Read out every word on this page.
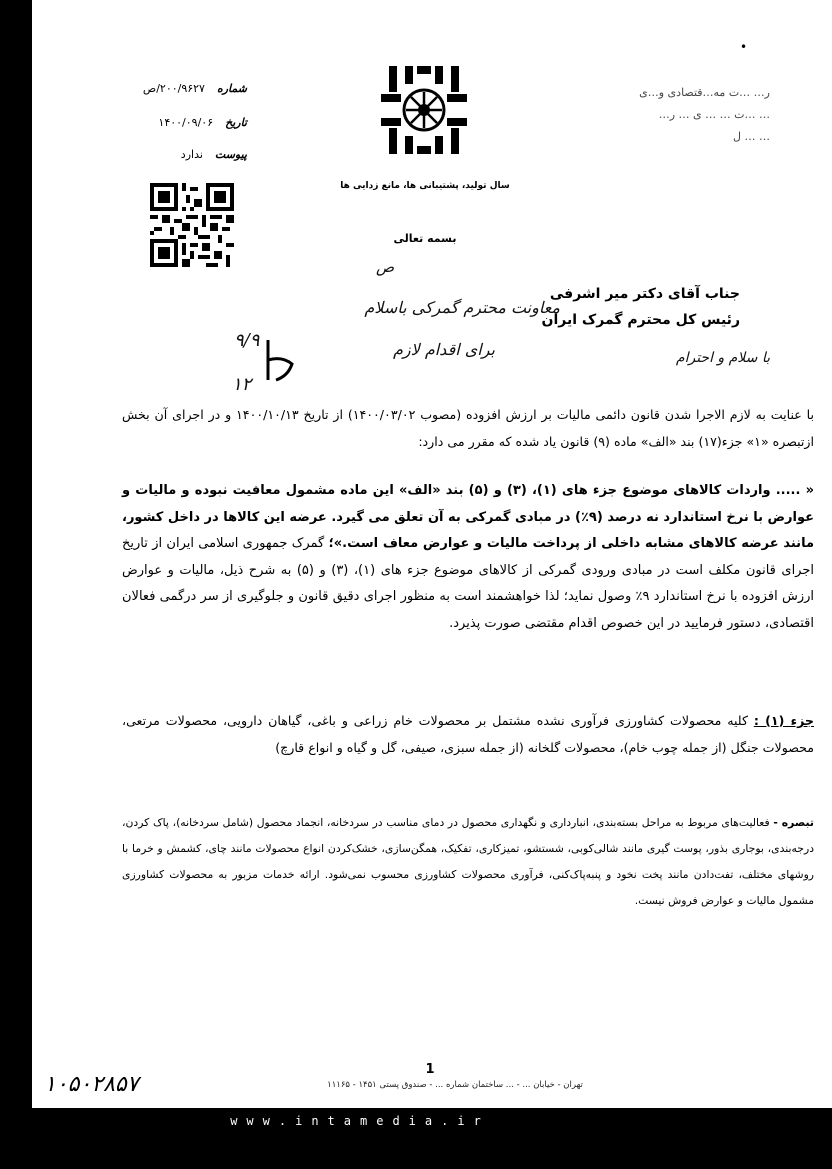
www.intamedia.ir
شماره
۲۰۰/۹۶۲۷/ص
تاریخ
۱۴۰۰/۰۹/۰۶
پیوست
ندارد
سال تولید، پشتیبانی ها، مانع زدایی ها
بسمه تعالی
ر… …ت مه…قتصادی و…ی
… …ت … … ی … ر…
… … ل
•
ص
معاونت محترم گمرکی باسلام
برای اقدام لازم	با سلام و احترام
۹/۹
۱۲
جناب آقای دکتر میر اشرفی
رئیس کل محترم گمرک ایران
با عنایت به لازم الاجرا شدن قانون دائمی مالیات بر ارزش افزوده (مصوب ۱۴۰۰/۰۳/۰۲) از تاریخ ۱۴۰۰/۱۰/۱۳ و در اجرای آن بخش ازتبصره «۱» جزء(۱۷) بند «الف» ماده (۹) قانون یاد شده که مقرر می دارد:
« ..... واردات کالاهای موضوع جزء های (۱)، (۳) و (۵) بند «الف» این ماده مشمول معافیت نبوده و مالیات و عوارض با نرخ استاندارد نه درصد (۹٪) در مبادی گمرکی به آن تعلق می گیرد. عرضه این کالاها در داخل کشور، مانند عرضه کالاهای مشابه داخلی از پرداخت مالیات و عوارض معاف است.»؛ گمرک جمهوری اسلامی ایران از تاریخ اجرای قانون مکلف است در مبادی ورودی گمرکی از کالاهای موضوع جزء های (۱)، (۳) و (۵) به شرح ذیل، مالیات و عوارض ارزش افزوده با نرخ استاندارد ۹٪ وصول نماید؛ لذا خواهشمند است به منظور اجرای دقیق قانون و جلوگیری از سر درگمی فعالان اقتصادی، دستور فرمایید در این خصوص اقدام مقتضی صورت پذیرد.
جزء (۱) : کلیه محصولات کشاورزی فرآوری نشده مشتمل بر محصولات خام زراعی و باغی، گیاهان دارویی، محصولات مرتعی، محصولات جنگل (از جمله چوب خام)، محصولات گلخانه (از جمله سبزی، صیفی، گل و گیاه و انواع قارچ)
تبصره - فعالیت‌های مربوط به مراحل بسته‌بندی، انبارداری و نگهداری محصول در دمای مناسب در سردخانه، انجماد محصول (شامل سردخانه)، پاک کردن، درجه‌بندی، بوجاری بذور، پوست گیری مانند شالی‌کوبی، شستشو، تمیزکاری، تفکیک، همگن‌سازی، خشک‌کردن انواع محصولات مانند چای، کشمش و خرما با روشهای مختلف، تفت‌دادن مانند پخت نخود و پنبه‌پاک‌کنی، فرآوری محصولات کشاورزی محسوب نمی‌شود. ارائه خدمات مزبور به محصولات کشاورزی مشمول مالیات و عوارض فروش نیست.
1
تهران - خیابان ... - ... ساختمان شماره ... - صندوق پستی ۱۴۵۱ - ۱۱۱۶۵
۱۰۵۰۲۸۵۷
